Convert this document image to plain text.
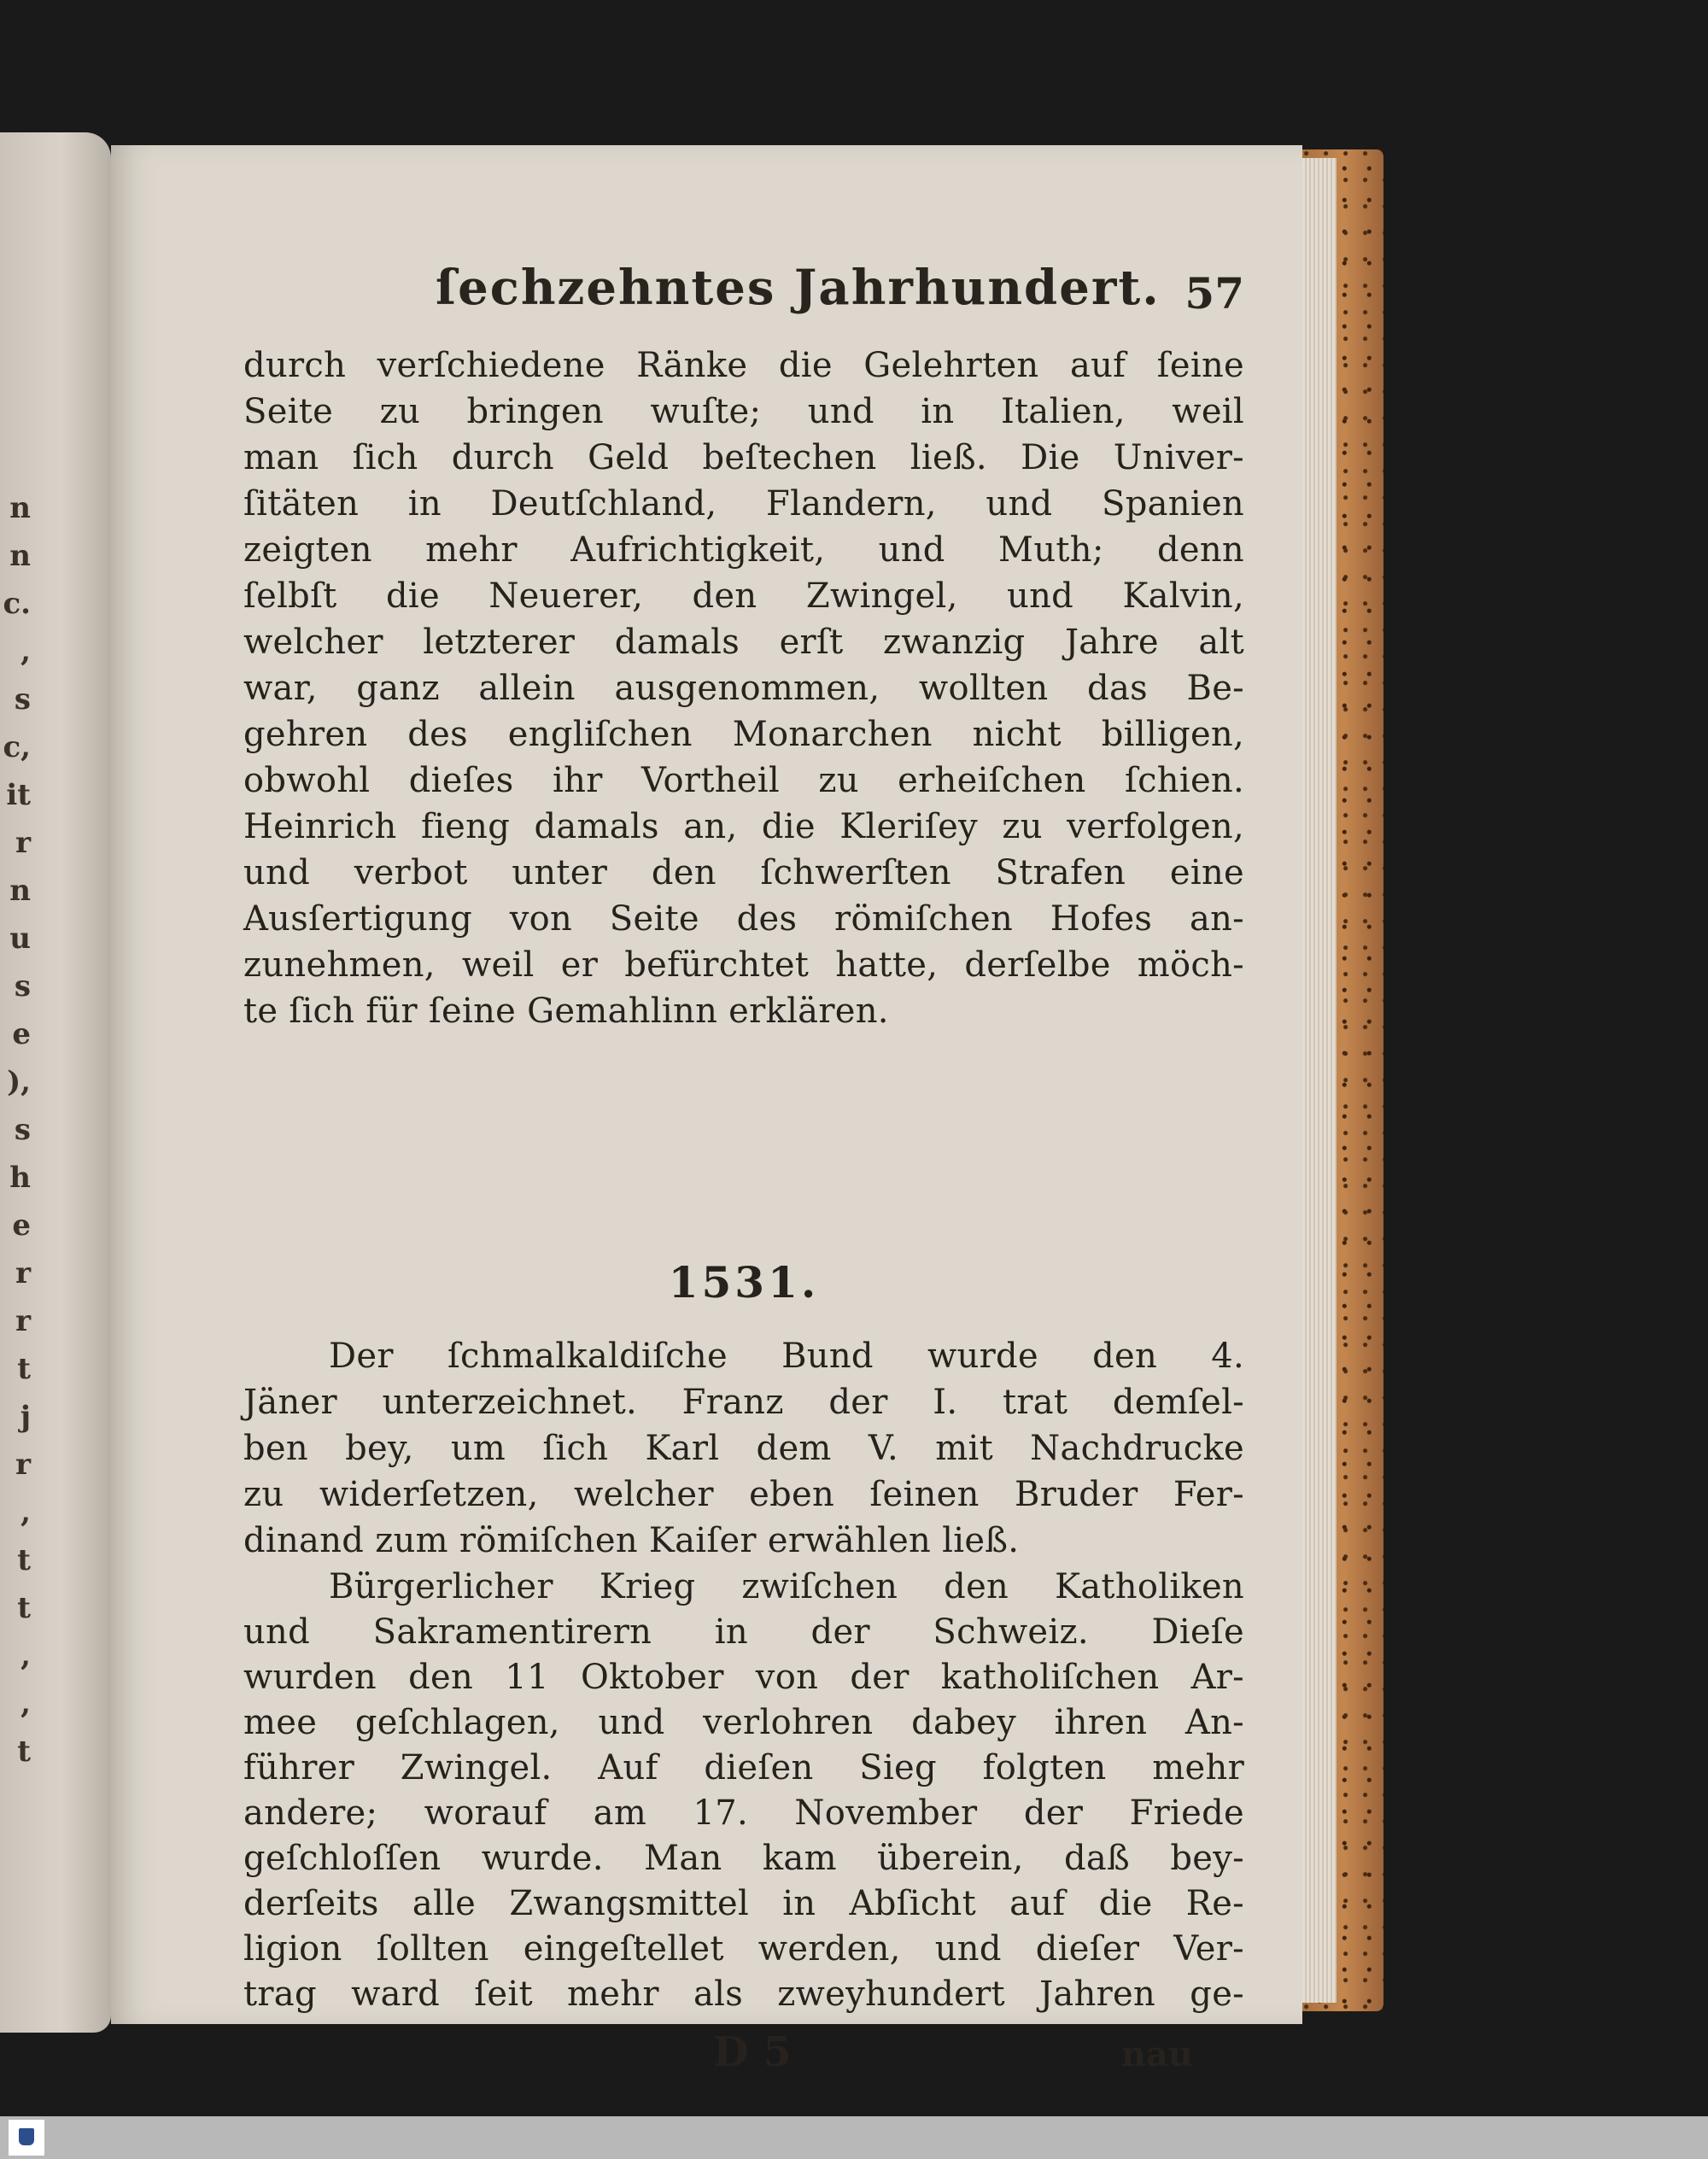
n
n
c.
,
s
c,
it
r
n
u
s
e
),
s
h
e
r
r
t
j
r
,
t
t
,
,
t
ſechzehntes Jahrhundert. 57
durch verſchiedene Ränke die Gelehrten auf ſeine
Seite zu bringen wuſte; und in Italien, weil
man ſich durch Geld beſtechen ließ. Die Univer-
ſitäten in Deutſchland, Flandern, und Spanien
zeigten mehr Aufrichtigkeit, und Muth; denn
ſelbſt die Neuerer, den Zwingel, und Kalvin,
welcher letzterer damals erſt zwanzig Jahre alt
war, ganz allein ausgenommen, wollten das Be-
gehren des engliſchen Monarchen nicht billigen,
obwohl dieſes ihr Vortheil zu erheiſchen ſchien.
Heinrich fieng damals an, die Kleriſey zu verfolgen,
und verbot unter den ſchwerſten Strafen eine
Ausſertigung von Seite des römiſchen Hofes an-
zunehmen, weil er befürchtet hatte, derſelbe möch-
te ſich für ſeine Gemahlinn erklären.
1531.
Der ſchmalkaldiſche Bund wurde den 4.
Jäner unterzeichnet. Franz der I. trat demſel-
ben bey, um ſich Karl dem V. mit Nachdrucke
zu widerſetzen, welcher eben ſeinen Bruder Fer-
dinand zum römiſchen Kaiſer erwählen ließ.
Bürgerlicher Krieg zwiſchen den Katholiken
und Sakramentirern in der Schweiz. Dieſe
wurden den 11 Oktober von der katholiſchen Ar-
mee geſchlagen, und verlohren dabey ihren An-
führer Zwingel. Auf dieſen Sieg folgten mehr
andere; worauf am 17. November der Friede
geſchloſſen wurde. Man kam überein, daß bey-
derſeits alle Zwangsmittel in Abſicht auf die Re-
ligion ſollten eingeſtellet werden, und dieſer Ver-
trag ward ſeit mehr als zweyhundert Jahren ge-
D 5	nau
